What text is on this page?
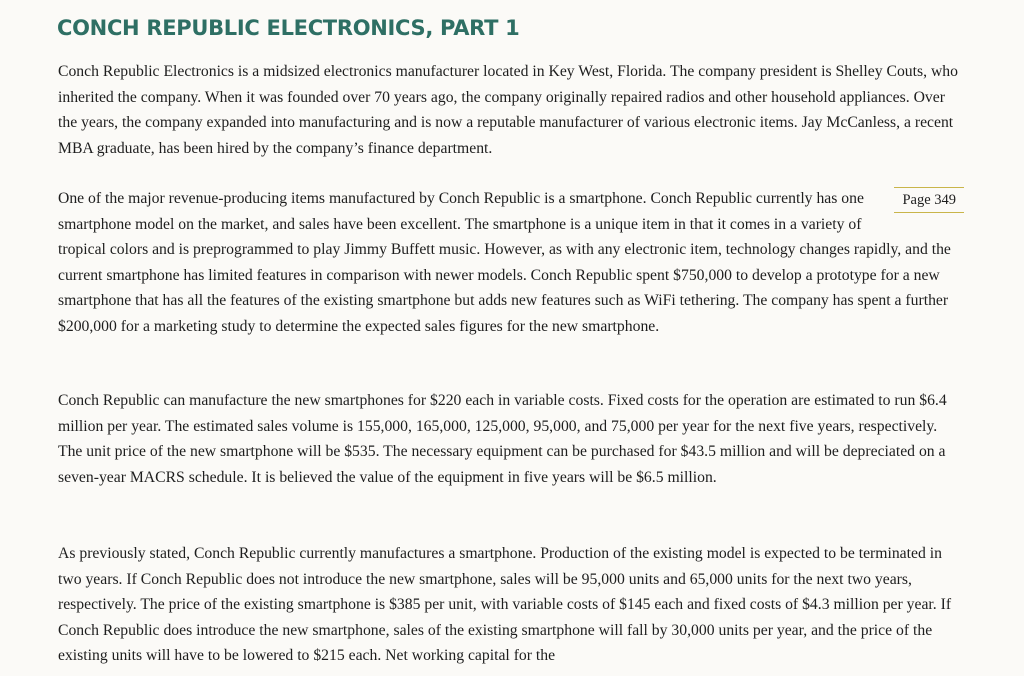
CONCH REPUBLIC ELECTRONICS, PART 1

Conch Republic Electronics is a midsized electronics manufacturer located in Key West, Florida. The company president is Shelley Couts, who inherited the company. When it was founded over 70 years ago, the company originally repaired radios and other household appliances. Over the years, the company expanded into manufacturing and is now a reputable manufacturer of various electronic items. Jay McCanless, a recent MBA graduate, has been hired by the company’s finance department.

Page 349
One of the major revenue-producing items manufactured by Conch Republic is a smartphone. Conch Republic currently has one smartphone model on the market, and sales have been excellent. The smartphone is a unique item in that it comes in a variety of tropical colors and is preprogrammed to play Jimmy Buffett music. However, as with any electronic item, technology changes rapidly, and the current smartphone has limited features in comparison with newer models. Conch Republic spent $750,000 to develop a prototype for a new smartphone that has all the features of the existing smartphone but adds new features such as WiFi tethering. The company has spent a further $200,000 for a marketing study to determine the expected sales figures for the new smartphone.

Conch Republic can manufacture the new smartphones for $220 each in variable costs. Fixed costs for the operation are estimated to run $6.4 million per year. The estimated sales volume is 155,000, 165,000, 125,000, 95,000, and 75,000 per year for the next five years, respectively. The unit price of the new smartphone will be $535. The necessary equipment can be purchased for $43.5 million and will be depreciated on a seven-year MACRS schedule. It is believed the value of the equipment in five years will be $6.5 million.

As previously stated, Conch Republic currently manufactures a smartphone. Production of the existing model is expected to be terminated in two years. If Conch Republic does not introduce the new smartphone, sales will be 95,000 units and 65,000 units for the next two years, respectively. The price of the existing smartphone is $385 per unit, with variable costs of $145 each and fixed costs of $4.3 million per year. If Conch Republic does introduce the new smartphone, sales of the existing smartphone will fall by 30,000 units per year, and the price of the existing units will have to be lowered to $215 each. Net working capital for the
